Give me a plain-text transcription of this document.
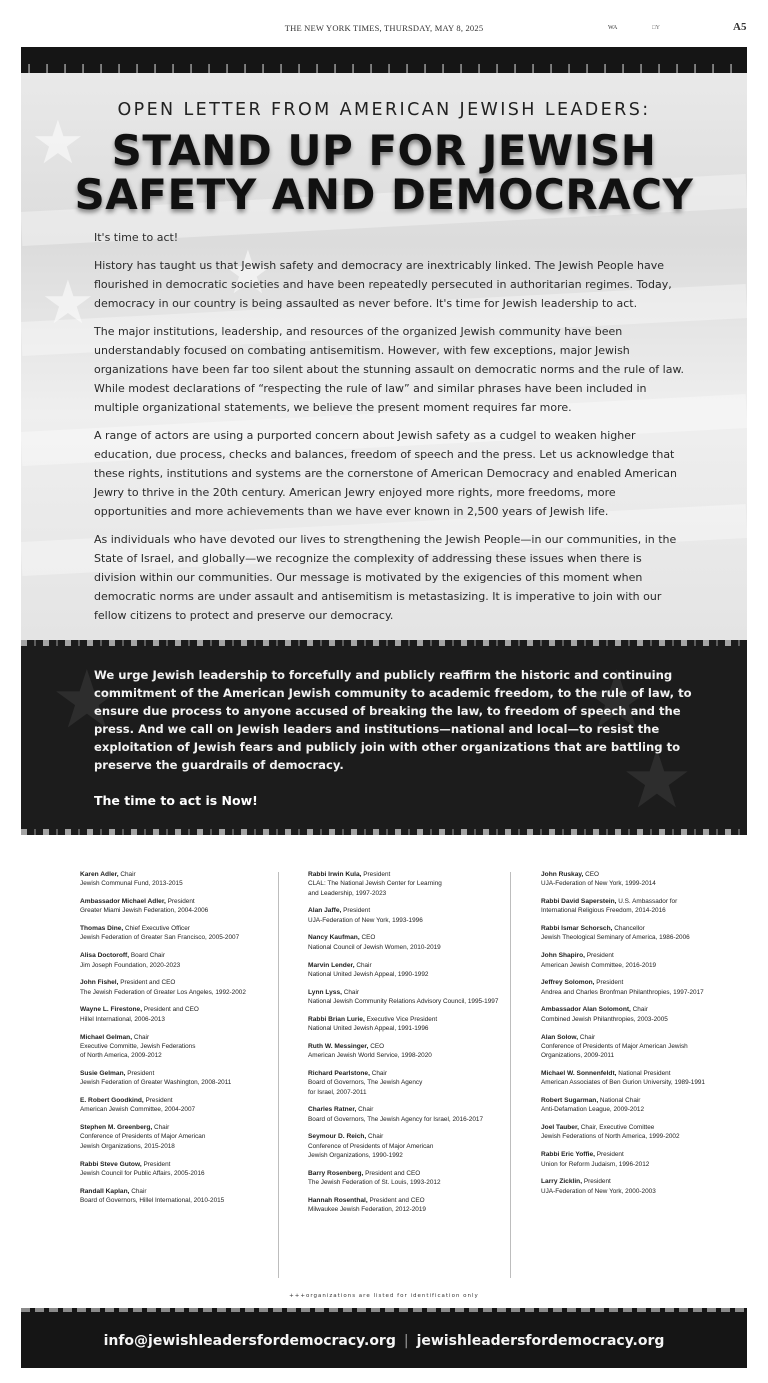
THE NEW YORK TIMES, THURSDAY, MAY 8, 2025	WA	□Y	A5
★
★
★
OPEN LETTER FROM AMERICAN JEWISH LEADERS:
STAND UP FOR JEWISH
SAFETY AND DEMOCRACY

It's time to act!

History has taught us that Jewish safety and democracy are inextricably linked. The Jewish People have flourished in democratic societies and have been repeatedly persecuted in authoritarian regimes. Today, democracy in our country is being assaulted as never before. It's time for Jewish leadership to act.

The major institutions, leadership, and resources of the organized Jewish community have been understandably focused on combating antisemitism. However, with few exceptions, major Jewish organizations have been far too silent about the stunning assault on democratic norms and the rule of law. While modest declarations of “respecting the rule of law” and similar phrases have been included in multiple organizational statements, we believe the present moment requires far more.

A range of actors are using a purported concern about Jewish safety as a cudgel to weaken higher education, due process, checks and balances, freedom of speech and the press. Let us acknowledge that these rights, institutions and systems are the cornerstone of American Democracy and enabled American Jewry to thrive in the 20th century. American Jewry enjoyed more rights, more freedoms, more opportunities and more achievements than we have ever known in 2,500 years of Jewish life.

As individuals who have devoted our lives to strengthening the Jewish People—in our communities, in the State of Israel, and globally—we recognize the complexity of addressing these issues when there is division within our communities. Our message is motivated by the exigencies of this moment when democratic norms are under assault and antisemitism is metastasizing. It is imperative to join with our fellow citizens to protect and preserve our democracy.

★
★
★
We urge Jewish leadership to forcefully and publicly reaffirm the historic and continuing commitment of the American Jewish community to academic freedom, to the rule of law, to ensure due process to anyone accused of breaking the law, to freedom of speech and the press. And we call on Jewish leaders and institutions—national and local—to resist the exploitation of Jewish fears and publicly join with other organizations that are battling to preserve the guardrails of democracy.
The time to act is Now!
Karen Adler, Chair
Jewish Communal Fund, 2013-2015
Ambassador Michael Adler, President
Greater Miami Jewish Federation, 2004-2006
Thomas Dine, Chief Executive Officer
Jewish Federation of Greater San Francisco, 2005-2007
Alisa Doctoroff, Board Chair
Jim Joseph Foundation, 2020-2023
John Fishel, President and CEO
The Jewish Federation of Greater Los Angeles, 1992-2002
Wayne L. Firestone, President and CEO
Hillel International, 2006-2013
Michael Gelman, Chair
Executive Committe, Jewish Federations
of North America, 2009-2012
Susie Gelman, President
Jewish Federation of Greater Washington, 2008-2011
E. Robert Goodkind, President
American Jewish Committee, 2004-2007
Stephen M. Greenberg, Chair
Conference of Presidents of Major American
Jewish Organizations, 2015-2018
Rabbi Steve Gutow, President
Jewish Council for Public Affairs, 2005-2016
Randall Kaplan, Chair
Board of Governors, Hillel International, 2010-2015
Rabbi Irwin Kula, President
CLAL: The National Jewish Center for Learning
and Leadership, 1997-2023
Alan Jaffe, President
UJA-Federation of New York, 1993-1996
Nancy Kaufman, CEO
National Council of Jewish Women, 2010-2019
Marvin Lender, Chair
National United Jewish Appeal, 1990-1992
Lynn Lyss, Chair
National Jewish Community Relations Advisory Council, 1995-1997
Rabbi Brian Lurie, Executive Vice President
National United Jewish Appeal, 1991-1996
Ruth W. Messinger, CEO
American Jewish World Service, 1998-2020
Richard Pearlstone, Chair
Board of Governors, The Jewish Agency
for Israel, 2007-2011
Charles Ratner, Chair
Board of Governors, The Jewish Agency for Israel, 2016-2017
Seymour D. Reich, Chair
Conference of Presidents of Major American
Jewish Organizations, 1990-1992
Barry Rosenberg, President and CEO
The Jewish Federation of St. Louis, 1993-2012
Hannah Rosenthal, President and CEO
Milwaukee Jewish Federation, 2012-2019
John Ruskay, CEO
UJA-Federation of New York, 1999-2014
Rabbi David Saperstein, U.S. Ambassador for
International Religious Freedom, 2014-2016
Rabbi Ismar Schorsch, Chancellor
Jewish Theological Seminary of America, 1986-2006
John Shapiro, President
American Jewish Committee, 2016-2019
Jeffrey Solomon, President
Andrea and Charles Bronfman Philanthropies, 1997-2017
Ambassador Alan Solomont, Chair
Combined Jewish Philanthropies, 2003-2005
Alan Solow, Chair
Conference of Presidents of Major American Jewish
Organizations, 2009-2011
Michael W. Sonnenfeldt, National President
American Associates of Ben Gurion University, 1989-1991
Robert Sugarman, National Chair
Anti-Defamation League, 2009-2012
Joel Tauber, Chair, Executive Comittee
Jewish Federations of North America, 1999-2002
Rabbi Eric Yoffie, President
Union for Reform Judaism, 1996-2012
Larry Zicklin, President
UJA-Federation of New York, 2000-2003
+++organizations are listed for identification only
info@jewishleadersfordemocracy.org | jewishleadersfordemocracy.org
